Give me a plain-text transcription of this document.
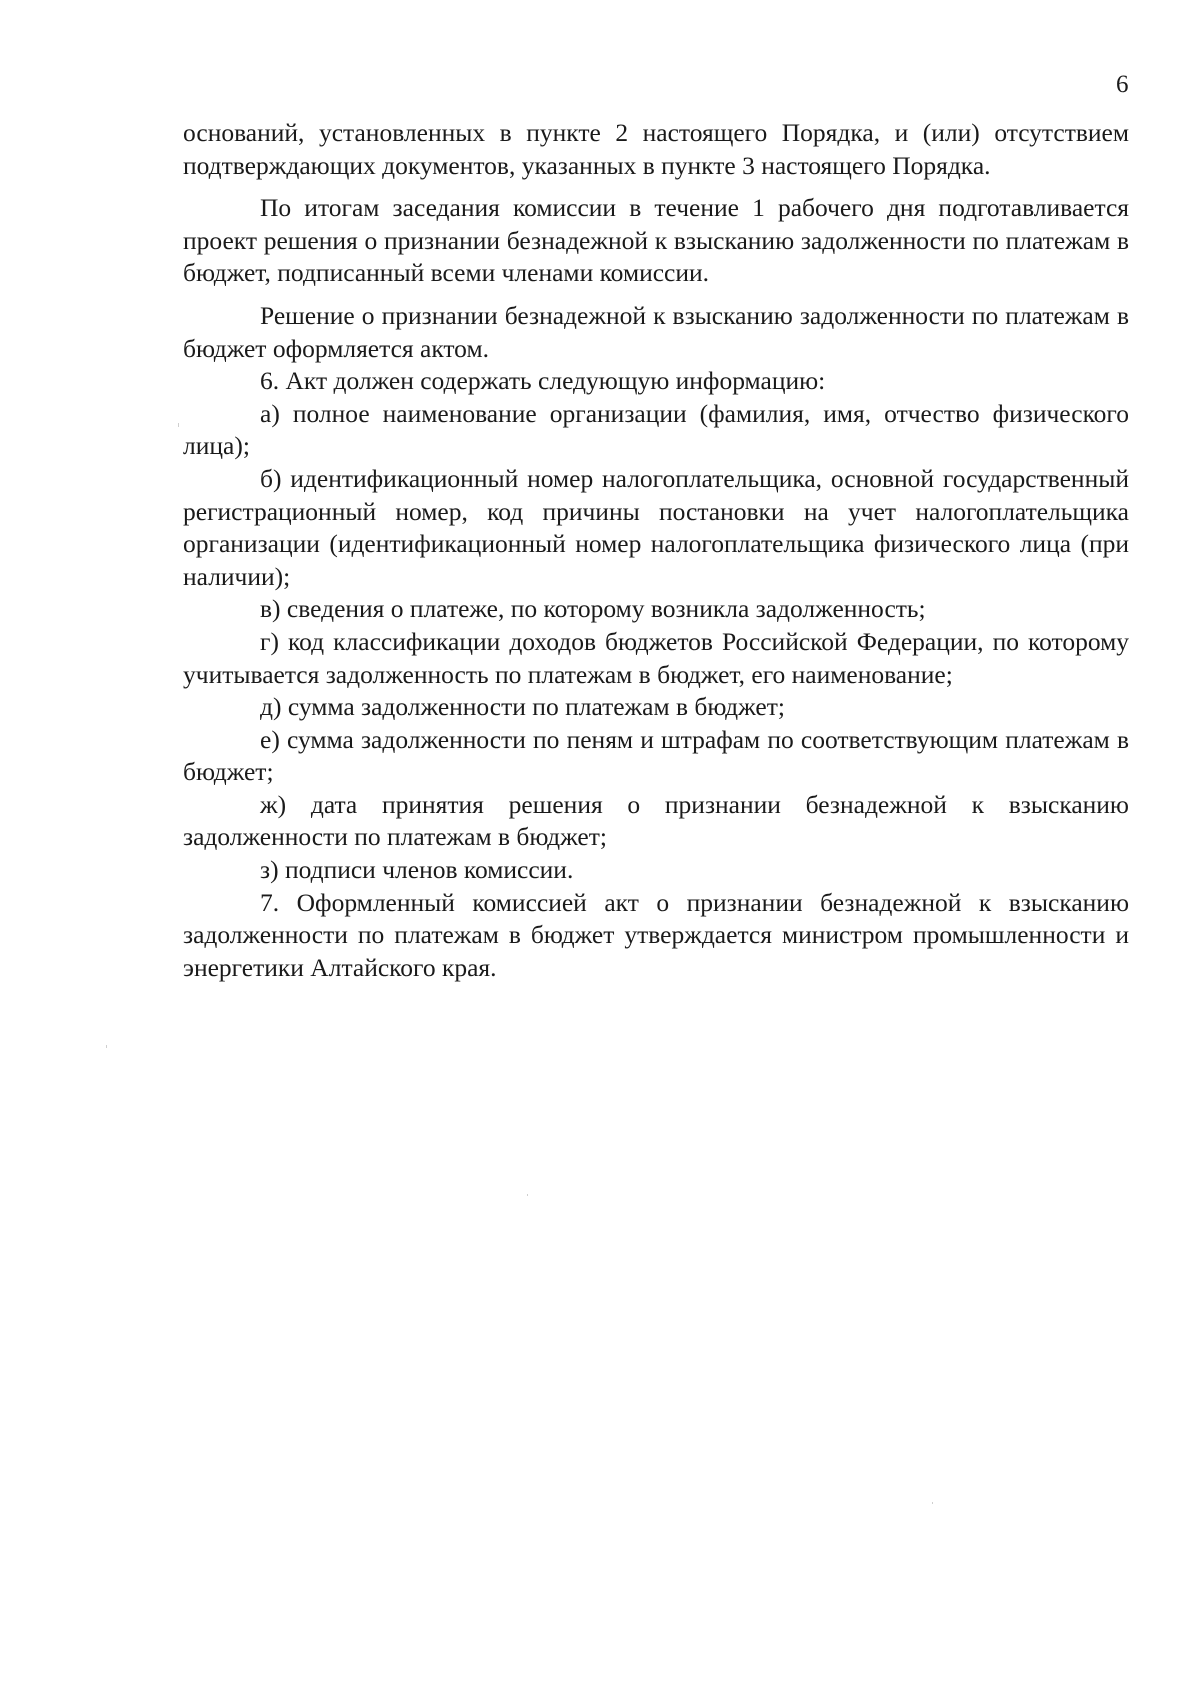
6

оснований, установленных в пункте 2 настоящего Порядка, и (или) отсутствием подтверждающих документов, указанных в пункте 3 настоящего Порядка.

По итогам заседания комиссии в течение 1 рабочего дня подготавливается проект решения о признании безнадежной к взысканию задолженности по платежам в бюджет, подписанный всеми членами комиссии.

Решение о признании безнадежной к взысканию задолженности по платежам в бюджет оформляется актом.

6. Акт должен содержать следующую информацию:

а) полное наименование организации (фамилия, имя, отчество физического лица);

б) идентификационный номер налогоплательщика, основной государственный регистрационный номер, код причины постановки на учет налогоплательщика организации (идентификационный номер налогоплательщика физического лица (при наличии);

в) сведения о платеже, по которому возникла задолженность;

г) код классификации доходов бюджетов Российской Федерации, по которому учитывается задолженность по платежам в бюджет, его наименование;

д) сумма задолженности по платежам в бюджет;

е) сумма задолженности по пеням и штрафам по соответствующим платежам в бюджет;

ж) дата принятия решения о признании безнадежной к взысканию задолженности по платежам в бюджет;

з) подписи членов комиссии.

7. Оформленный комиссией акт о признании безнадежной к взысканию задолженности по платежам в бюджет утверждается министром промышленности и энергетики Алтайского края.
